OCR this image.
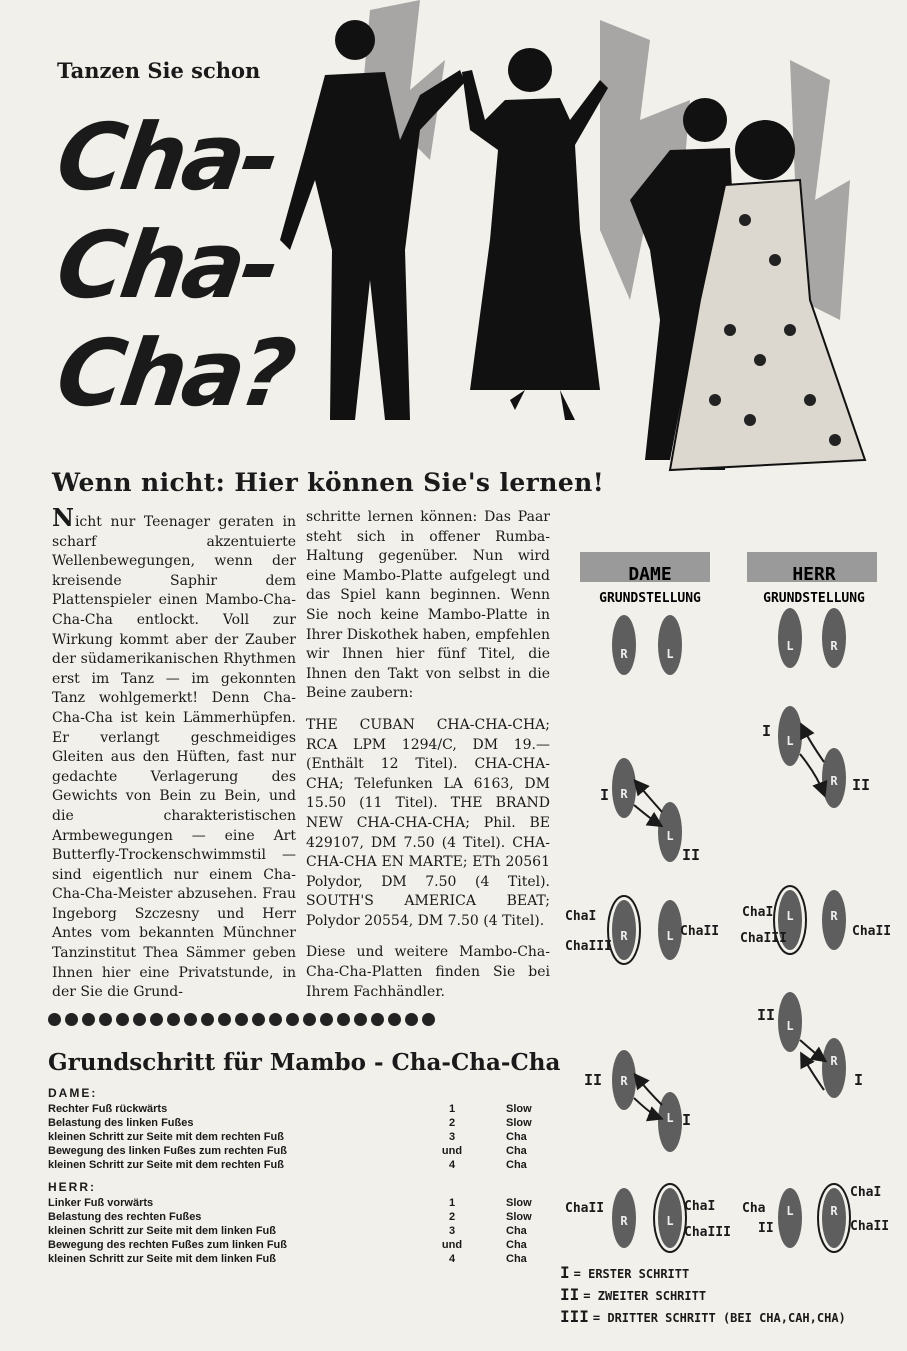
Tanzen Sie schon
Cha-
Cha-
Cha?
Wenn nicht: Hier können Sie's lernen!

Nicht nur Teenager geraten in scharf akzentuierte Wellenbewegungen, wenn der kreisende Saphir dem Plattenspieler einen Mambo-Cha-Cha-Cha entlockt. Voll zur Wirkung kommt aber der Zauber der südamerikanischen Rhythmen erst im Tanz — im gekonnten Tanz wohlgemerkt! Denn Cha-Cha-Cha ist kein Lämmerhüpfen. Er verlangt geschmeidiges Gleiten aus den Hüften, fast nur gedachte Verlagerung des Gewichts von Bein zu Bein, und die charakteristischen Armbewegungen — eine Art Butterfly-Trockenschwimmstil — sind eigentlich nur einem Cha-Cha-Cha-Meister abzusehen. Frau Ingeborg Szczesny und Herr Antes vom bekannten Münchner Tanzinstitut Thea Sämmer geben Ihnen hier eine Privatstunde, in der Sie die Grund-

schritte lernen können: Das Paar steht sich in offener Rumba-Haltung gegenüber. Nun wird eine Mambo-Platte aufgelegt und das Spiel kann beginnen. Wenn Sie noch keine Mambo-Platte in Ihrer Diskothek haben, empfehlen wir Ihnen hier fünf Titel, die Ihnen den Takt von selbst in die Beine zaubern:

THE CUBAN CHA-CHA-CHA; RCA LPM 1294/C, DM 19.— (Enthält 12 Titel). CHA-CHA-CHA; Telefunken LA 6163, DM 15.50 (11 Titel). THE BRAND NEW CHA-CHA-CHA; Phil. BE 429107, DM 7.50 (4 Titel). CHA-CHA-CHA EN MARTE; ETh 20561 Polydor, DM 7.50 (4 Titel). SOUTH'S AMERICA BEAT; Polydor 20554, DM 7.50 (4 Titel).

Diese und weitere Mambo-Cha-Cha-Cha-Platten finden Sie bei Ihrem Fachhändler.

Grundschritt für Mambo - Cha-Cha-Cha
DAME:
Rechter Fuß rückwärts	1	Slow
Belastung des linken Fußes	2	Slow
kleinen Schritt zur Seite mit dem rechten Fuß	3	Cha
Bewegung des linken Fußes zum rechten Fuß	und	Cha
kleinen Schritt zur Seite mit dem rechten Fuß	4	Cha
HERR:
Linker Fuß vorwärts	1	Slow
Belastung des rechten Fußes	2	Slow
kleinen Schritt zur Seite mit dem linken Fuß	3	Cha
Bewegung des rechten Fußes zum linken Fuß	und	Cha
kleinen Schritt zur Seite mit dem linken Fuß	4	Cha
DAME	HERR
GRUNDSTELLUNG	GRUNDSTELLUNG
R	L
L	R
R
L
L
R
R	L
L	R
L
R
R
L
R	L
L	R
I
II
I
II
II
I
II
I
ChaI
ChaIII
ChaII
ChaI
ChaIII	ChaII
ChaII	ChaI
ChaIII
Cha
II
ChaI
ChaII
I = ERSTER SCHRITT
II = ZWEITER SCHRITT
III = DRITTER SCHRITT (BEI CHA,CAH,CHA)
